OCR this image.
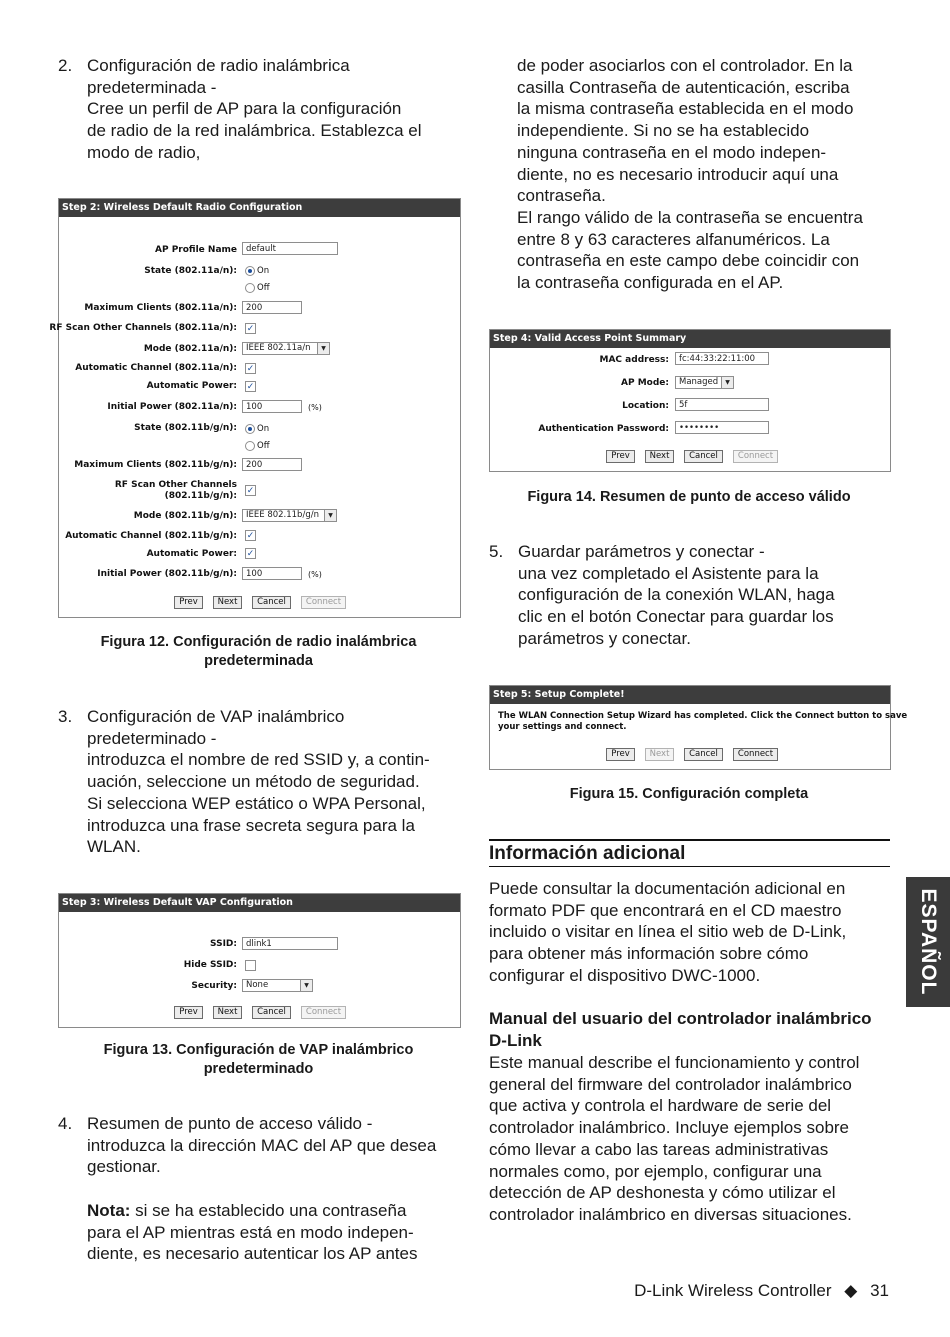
2. Configuración de radio inalámbrica
predeterminada -
Cree un perfil de AP para la configuración
de radio de la red inalámbrica. Establezca el
modo de radio,
Step 2: Wireless Default Radio Configuration
AP Profile Name	default
State (802.11a/n): On
Off
Maximum Clients (802.11a/n):	200
RF Scan Other Channels (802.11a/n): ✓
Mode (802.11a/n):	IEEE 802.11a/n	▼
Automatic Channel (802.11a/n): ✓
Automatic Power: ✓
Initial Power (802.11a/n):	100	(%)
State (802.11b/g/n): On
Off
Maximum Clients (802.11b/g/n):	200
RF Scan Other Channels
(802.11b/g/n):
✓
Mode (802.11b/g/n):	IEEE 802.11b/g/n	▼
Automatic Channel (802.11b/g/n): ✓
Automatic Power: ✓
Initial Power (802.11b/g/n):	100	(%)
Prev	Next	Cancel	Connect
Figura 12. Configuración de radio inalámbrica
predeterminada
3. Configuración de VAP inalámbrico
predeterminado -
introduzca el nombre de red SSID y, a contin-
uación, seleccione un método de seguridad.
Si selecciona WEP estático o WPA Personal,
introduzca una frase secreta segura para la
WLAN.
Step 3: Wireless Default VAP Configuration
SSID:	dlink1
Hide SSID:
Security:	None	▼
Prev	Next	Cancel	Connect
Figura 13. Configuración de VAP inalámbrico
predeterminado
4. Resumen de punto de acceso válido -
introduzca la dirección MAC del AP que desea
gestionar.
Nota: si se ha establecido una contraseña
para el AP mientras está en modo indepen-
diente, es necesario autenticar los AP antes
de poder asociarlos con el controlador. En la
casilla Contraseña de autenticación, escriba
la misma contraseña establecida en el modo
independiente. Si no se ha establecido
ninguna contraseña en el modo indepen-
diente, no es necesario introducir aquí una
contraseña.
El rango válido de la contraseña se encuentra
entre 8 y 63 caracteres alfanuméricos. La
contraseña en este campo debe coincidir con
la contraseña configurada en el AP.
Step 4: Valid Access Point Summary
MAC address:	fc:44:33:22:11:00
AP Mode:	Managed	▼
Location:	5f
Authentication Password:	••••••••
Prev	Next	Cancel	Connect
Figura 14. Resumen de punto de acceso válido
5. Guardar parámetros y conectar -
una vez completado el Asistente para la
configuración de la conexión WLAN, haga
clic en el botón Conectar para guardar los
parámetros y conectar.
Step 5: Setup Complete!
The WLAN Connection Setup Wizard has completed. Click the Connect button to save
your settings and connect.
Prev	Next	Cancel	Connect
Figura 15. Configuración completa
Información adicional
Puede consultar la documentación adicional en
formato PDF que encontrará en el CD maestro
incluido o visitar en línea el sitio web de D-Link,
para obtener más información sobre cómo
configurar el dispositivo DWC-1000.
Manual del usuario del controlador inalámbrico
D-Link
Este manual describe el funcionamiento y control
general del firmware del controlador inalámbrico
que activa y controla el hardware de serie del
controlador inalámbrico. Incluye ejemplos sobre
cómo llevar a cabo las tareas administrativas
normales como, por ejemplo, configurar una
detección de AP deshonesta y cómo utilizar el
controlador inalámbrico en diversas situaciones.
ESPAÑOL
D-Link Wireless Controller ◆ 31
